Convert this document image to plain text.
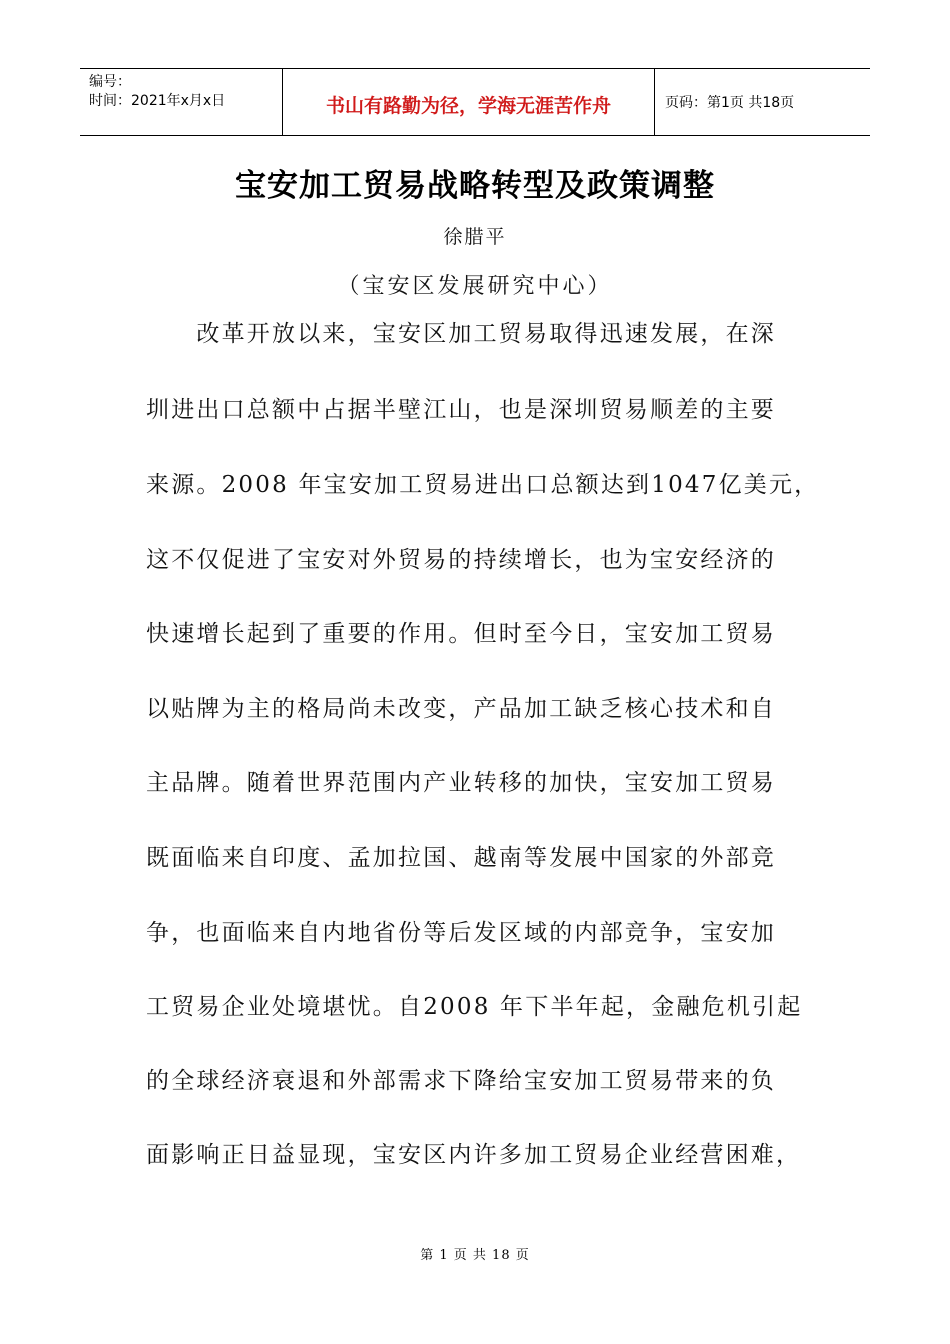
编号：
时间：2021年x月x日	书山有路勤为径，学海无涯苦作舟	页码：第1页 共18页
宝安加工贸易战略转型及政策调整
徐腊平
（宝安区发展研究中心）
　　改革开放以来，宝安区加工贸易取得迅速发展，在深
圳进出口总额中占据半壁江山，也是深圳贸易顺差的主要
来源。2008 年宝安加工贸易进出口总额达到1047亿美元，
这不仅促进了宝安对外贸易的持续增长，也为宝安经济的
快速增长起到了重要的作用。但时至今日，宝安加工贸易
以贴牌为主的格局尚未改变，产品加工缺乏核心技术和自
主品牌。随着世界范围内产业转移的加快，宝安加工贸易
既面临来自印度、孟加拉国、越南等发展中国家的外部竞
争，也面临来自内地省份等后发区域的内部竞争，宝安加
工贸易企业处境堪忧。自2008 年下半年起，金融危机引起
的全球经济衰退和外部需求下降给宝安加工贸易带来的负
面影响正日益显现，宝安区内许多加工贸易企业经营困难，
第 1 页 共 18 页
